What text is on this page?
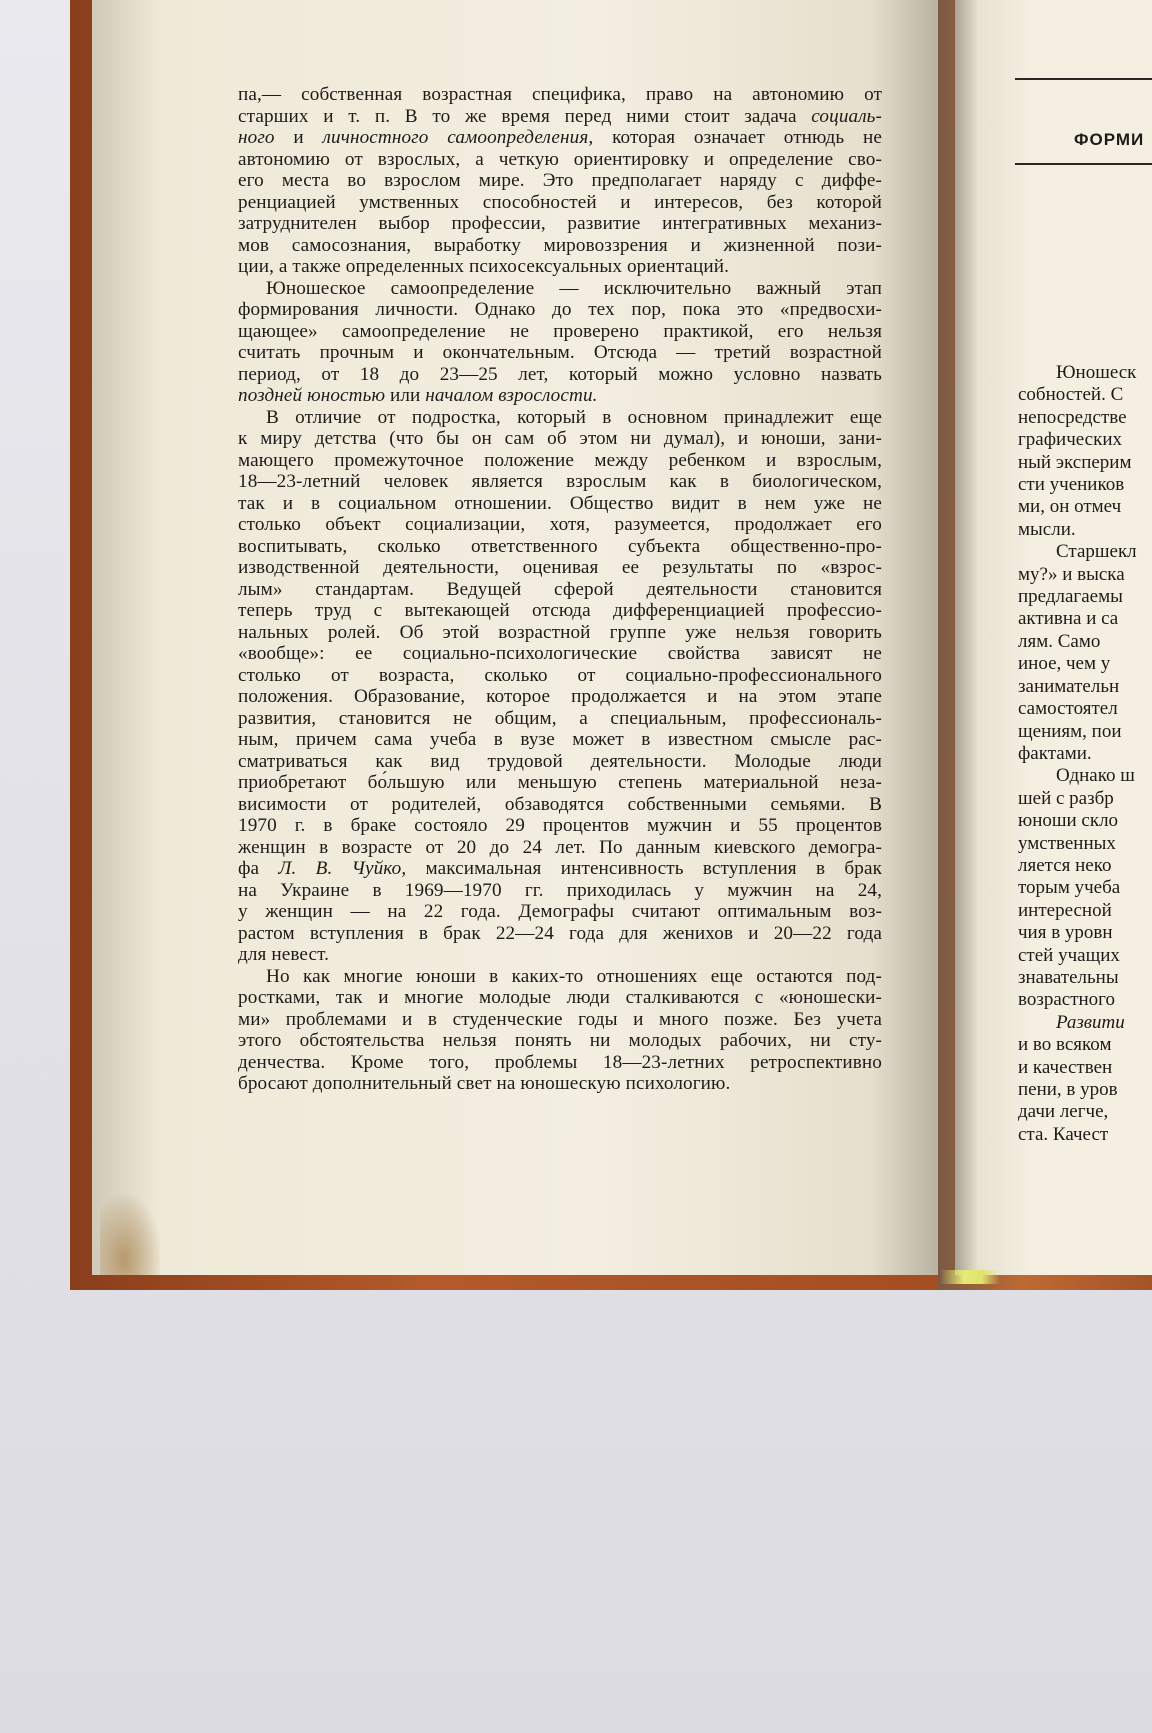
па,— собственная возрастная специфика, право на автономию от
старших и т. п. В то же время перед ними стоит задача социаль-
ного и личностного самоопределения, которая означает отнюдь не
автономию от взрослых, а четкую ориентировку и определение сво-
его места во взрослом мире. Это предполагает наряду с диффе-
ренциацией умственных способностей и интересов, без которой
затруднителен выбор профессии, развитие интегративных механиз-
мов самосознания, выработку мировоззрения и жизненной пози-
ции, а также определенных психосексуальных ориентаций.

Юношеское самоопределение — исключительно важный этап
формирования личности. Однако до тех пор, пока это «предвосхи-
щающее» самоопределение не проверено практикой, его нельзя
считать прочным и окончательным. Отсюда — третий возрастной
период, от 18 до 23—25 лет, который можно условно назвать
поздней юностью или началом взрослости.

В отличие от подростка, который в основном принадлежит еще
к миру детства (что бы он сам об этом ни думал), и юноши, зани-
мающего промежуточное положение между ребенком и взрослым,
18—23-летний человек является взрослым как в биологическом,
так и в социальном отношении. Общество видит в нем уже не
столько объект социализации, хотя, разумеется, продолжает его
воспитывать, сколько ответственного субъекта общественно-про-
изводственной деятельности, оценивая ее результаты по «взрос-
лым» стандартам. Ведущей сферой деятельности становится
теперь труд с вытекающей отсюда дифференциацией профессио-
нальных ролей. Об этой возрастной группе уже нельзя говорить
«вообще»: ее социально-психологические свойства зависят не
столько от возраста, сколько от социально-профессионального
положения. Образование, которое продолжается и на этом этапе
развития, становится не общим, а специальным, профессиональ-
ным, причем сама учеба в вузе может в известном смысле рас-
сматриваться как вид трудовой деятельности. Молодые люди
приобретают бо́льшую или меньшую степень материальной неза-
висимости от родителей, обзаводятся собственными семьями. В
1970 г. в браке состояло 29 процентов мужчин и 55 процентов
женщин в возрасте от 20 до 24 лет. По данным киевского демогра-
фа Л. В. Чуйко, максимальная интенсивность вступления в брак
на Украине в 1969—1970 гг. приходилась у мужчин на 24,
у женщин — на 22 года. Демографы считают оптимальным воз-
растом вступления в брак 22—24 года для женихов и 20—22 года
для невест.

Но как многие юноши в каких-то отношениях еще остаются под-
ростками, так и многие молодые люди сталкиваются с «юношески-
ми» проблемами и в студенческие годы и много позже. Без учета
этого обстоятельства нельзя понять ни молодых рабочих, ни сту-
денчества. Кроме того, проблемы 18—23-летних ретроспективно
бросают дополнительный свет на юношескую психологию.

ФОРМИ
Юношеск
собностей. С
непосредстве
графических
ный эксперим
сти учеников
ми, он отмеч
мысли.
Старшекл
му?» и выска
предлагаемы
активна и са
лям. Само
иное, чем у
занимательн
самостоятел
щениям, пои
фактами.
Однако ш
шей с разбр
юноши скло
умственных
ляется неко
торым учеба
интересной
чия в уровн
стей учащих
знавательны
возрастного
Развити
и во всяком
и качествен
пени, в уров
дачи легче,
ста. Качест
